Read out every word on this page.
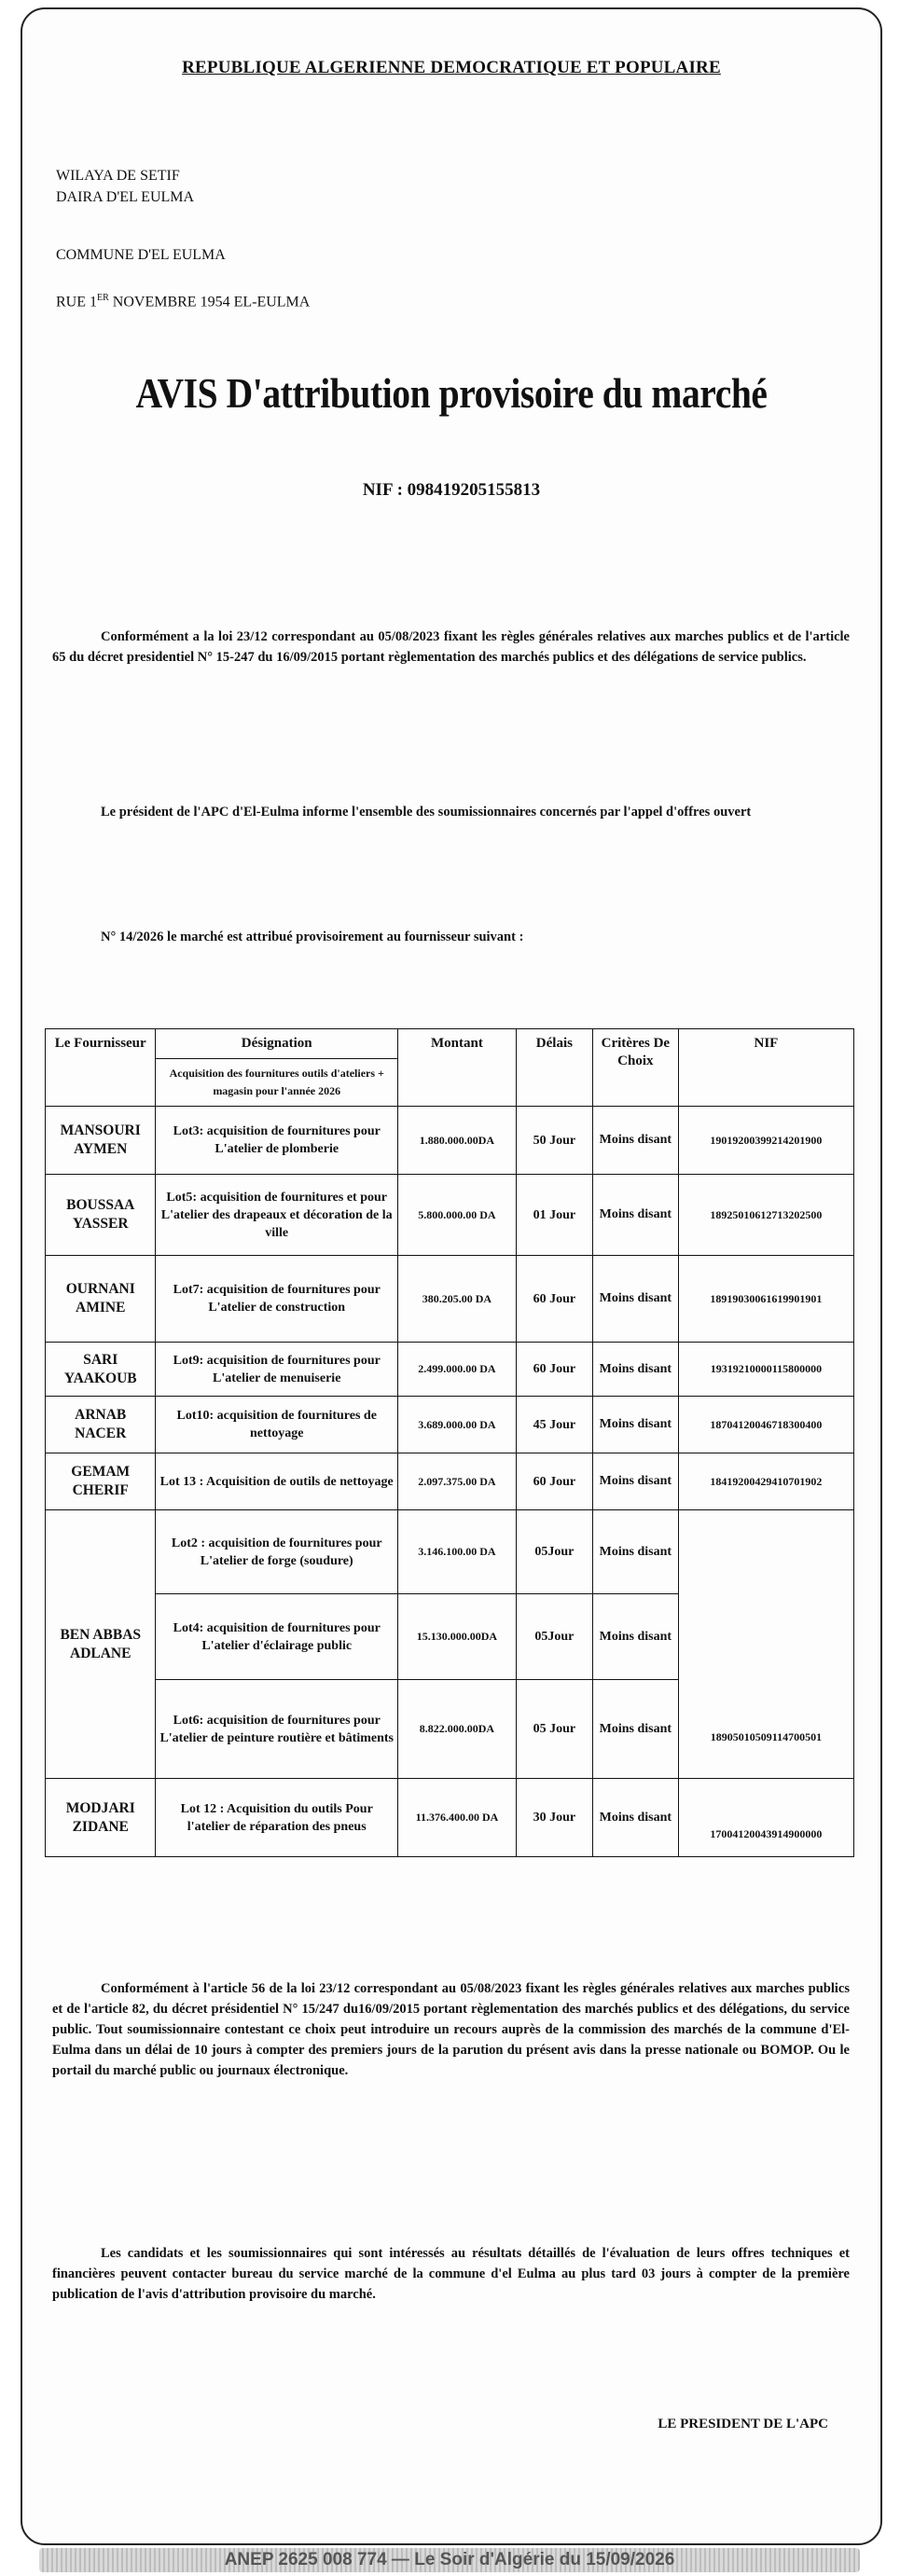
REPUBLIQUE ALGERIENNE DEMOCRATIQUE ET POPULAIRE
WILAYA DE SETIF
DAIRA D'EL EULMA
COMMUNE D'EL EULMA
RUE 1ER NOVEMBRE 1954 EL-EULMA
AVIS D'attribution provisoire du marché
NIF : 098419205155813
Conformément a la loi 23/12 correspondant au 05/08/2023 fixant les règles générales relatives aux marches publics et de l'article 65 du décret presidentiel N° 15-247 du 16/09/2015 portant règlementation des marchés publics et des délégations de service publics.
Le président de l'APC d'El-Eulma informe l'ensemble des soumissionnaires concernés par l'appel d'offres ouvert
N° 14/2026 le marché est attribué provisoirement au fournisseur suivant :
Le Fournisseur	Désignation	Montant	Délais	Critères De Choix	NIF
	Acquisition des fournitures outils d'ateliers + magasin pour l'année 2026				
MANSOURI AYMEN	Lot3: acquisition de fournitures pour L'atelier de plomberie	1.880.000.00DA	50 Jour	Moins disant	19019200399214201900
BOUSSAA YASSER	Lot5: acquisition de fournitures et pour L'atelier des drapeaux et décoration de la ville	5.800.000.00 DA	01 Jour	Moins disant	18925010612713202500
OURNANI AMINE	Lot7: acquisition de fournitures pour L'atelier de construction	380.205.00 DA	60 Jour	Moins disant	18919030061619901901
SARI YAAKOUB	Lot9: acquisition de fournitures pour L'atelier de menuiserie	2.499.000.00 DA	60 Jour	Moins disant	19319210000115800000
ARNAB NACER	Lot10: acquisition de fournitures de nettoyage	3.689.000.00 DA	45 Jour	Moins disant	18704120046718300400
GEMAM CHERIF	Lot 13 : Acquisition de outils de nettoyage	2.097.375.00 DA	60 Jour	Moins disant	18419200429410701902
BEN ABBAS ADLANE	Lot2 : acquisition de fournitures pour L'atelier de forge (soudure)	3.146.100.00 DA	05Jour	Moins disant	18905010509114700501
	Lot4: acquisition de fournitures pour L'atelier d'éclairage public	15.130.000.00DA	05Jour	Moins disant	
	Lot6: acquisition de fournitures pour L'atelier de peinture routière et bâtiments	8.822.000.00DA	05 Jour	Moins disant	
MODJARI ZIDANE	Lot 12 : Acquisition du outils Pour l'atelier de réparation des pneus	11.376.400.00 DA	30 Jour	Moins disant	17004120043914900000
Conformément à l'article 56 de la loi 23/12 correspondant au 05/08/2023 fixant les règles générales relatives aux marches publics et de l'article 82, du décret présidentiel N° 15/247 du16/09/2015 portant règlementation des marchés publics et des délégations, du service public. Tout soumissionnaire contestant ce choix peut introduire un recours auprès de la commission des marchés de la commune d'El-Eulma dans un délai de 10 jours à compter des premiers jours de la parution du présent avis dans la presse nationale ou BOMOP. Ou le portail du marché public ou journaux électronique.
Les candidats et les soumissionnaires qui sont intéressés au résultats détaillés de l'évaluation de leurs offres techniques et financières peuvent contacter bureau du service marché de la commune d'el Eulma au plus tard 03 jours à compter de la première publication de l'avis d'attribution provisoire du marché.
LE PRESIDENT DE L'APC
ANEP 2625 008 774 — Le Soir d'Algérie du 15/09/2026
